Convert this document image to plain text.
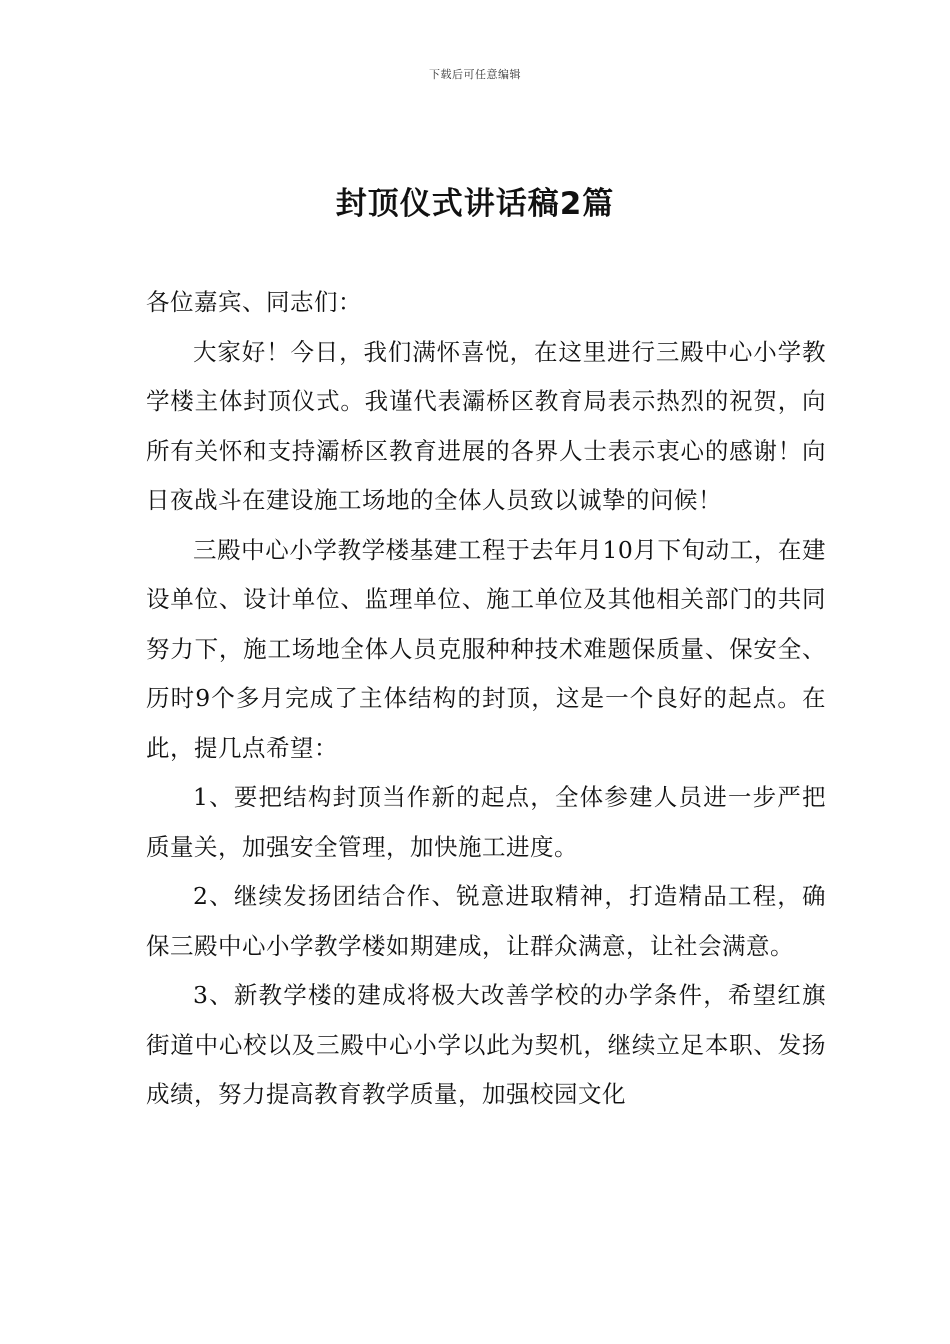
下载后可任意编辑
封顶仪式讲话稿2篇

各位嘉宾、同志们：

大家好！今日，我们满怀喜悦，在这里进行三殿中心小学教学楼主体封顶仪式。我谨代表灞桥区教育局表示热烈的祝贺，向所有关怀和支持灞桥区教育进展的各界人士表示衷心的感谢！向日夜战斗在建设施工场地的全体人员致以诚挚的问候！

三殿中心小学教学楼基建工程于去年月10月下旬动工，在建设单位、设计单位、监理单位、施工单位及其他相关部门的共同努力下，施工场地全体人员克服种种技术难题保质量、保安全、历时9个多月完成了主体结构的封顶，这是一个良好的起点。在此，提几点希望：

1、要把结构封顶当作新的起点，全体参建人员进一步严把质量关，加强安全管理，加快施工进度。

2、继续发扬团结合作、锐意进取精神，打造精品工程，确保三殿中心小学教学楼如期建成，让群众满意，让社会满意。

3、新教学楼的建成将极大改善学校的办学条件，希望红旗街道中心校以及三殿中心小学以此为契机，继续立足本职、发扬成绩，努力提高教育教学质量，加强校园文化
